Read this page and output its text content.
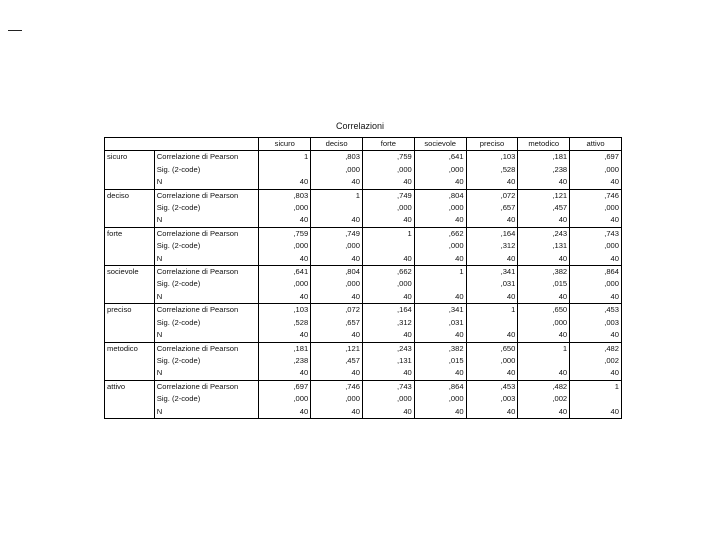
Correlazioni
		sicuro	deciso	forte	socievole	preciso	metodico	attivo
sicuro	Correlazione di Pearson	1	,803	,759	,641	,103	,181	,697
	Sig. (2-code)		,000	,000	,000	,528	,238	,000
	N	40	40	40	40	40	40	40
deciso	Correlazione di Pearson	,803	1	,749	,804	,072	,121	,746
	Sig. (2-code)	,000		,000	,000	,657	,457	,000
	N	40	40	40	40	40	40	40
forte	Correlazione di Pearson	,759	,749	1	,662	,164	,243	,743
	Sig. (2-code)	,000	,000		,000	,312	,131	,000
	N	40	40	40	40	40	40	40
socievole	Correlazione di Pearson	,641	,804	,662	1	,341	,382	,864
	Sig. (2-code)	,000	,000	,000		,031	,015	,000
	N	40	40	40	40	40	40	40
preciso	Correlazione di Pearson	,103	,072	,164	,341	1	,650	,453
	Sig. (2-code)	,528	,657	,312	,031		,000	,003
	N	40	40	40	40	40	40	40
metodico	Correlazione di Pearson	,181	,121	,243	,382	,650	1	,482
	Sig. (2-code)	,238	,457	,131	,015	,000		,002
	N	40	40	40	40	40	40	40
attivo	Correlazione di Pearson	,697	,746	,743	,864	,453	,482	1
	Sig. (2-code)	,000	,000	,000	,000	,003	,002	
	N	40	40	40	40	40	40	40
